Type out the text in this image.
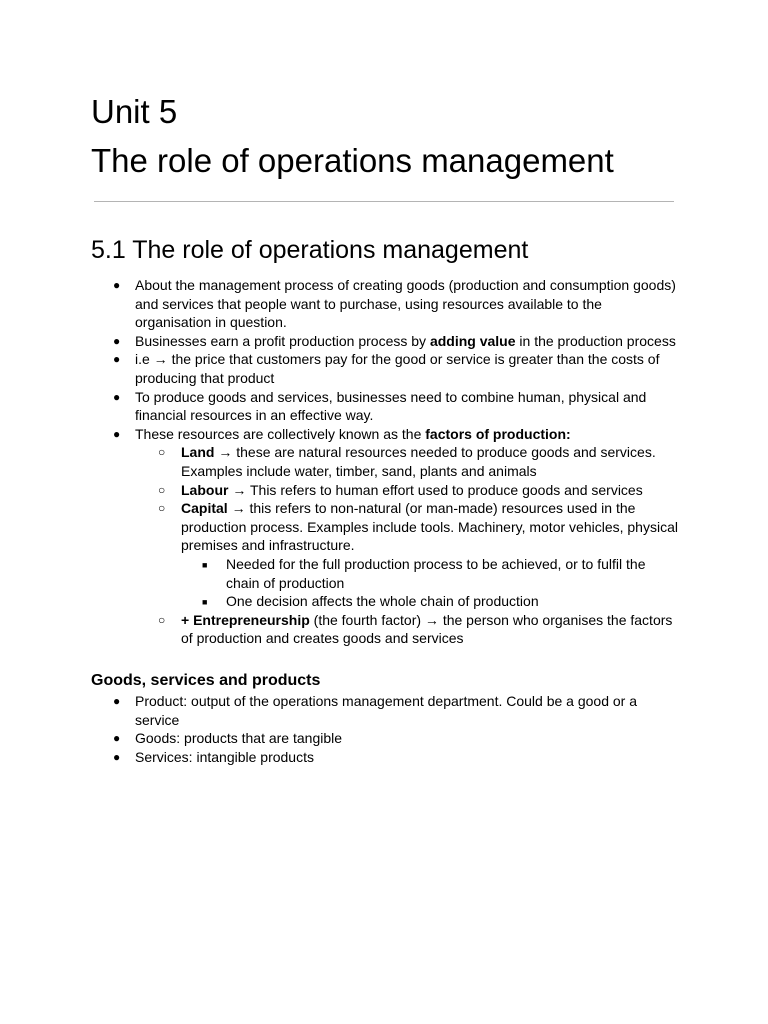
Unit 5
The role of operations management
5.1 The role of operations management
● About the management process of creating goods (production and consumption goods) and services that people want to purchase, using resources available to the organisation in question.
● Businesses earn a profit production process by adding value in the production process
● i.e → the price that customers pay for the good or service is greater than the costs of producing that product
● To produce goods and services, businesses need to combine human, physical and financial resources in an effective way.
● These resources are collectively known as the factors of production:
○ Land → these are natural resources needed to produce goods and services. Examples include water, timber, sand, plants and animals
○ Labour → This refers to human effort used to produce goods and services
○ Capital → this refers to non-natural (or man-made) resources used in the production process. Examples include tools. Machinery, motor vehicles, physical premises and infrastructure.
■ Needed for the full production process to be achieved, or to fulfil the chain of production
■ One decision affects the whole chain of production
○ + Entrepreneurship (the fourth factor) → the person who organises the factors of production and creates goods and services
Goods, services and products
● Product: output of the operations management department. Could be a good or a service
● Goods: products that are tangible
● Services: intangible products
